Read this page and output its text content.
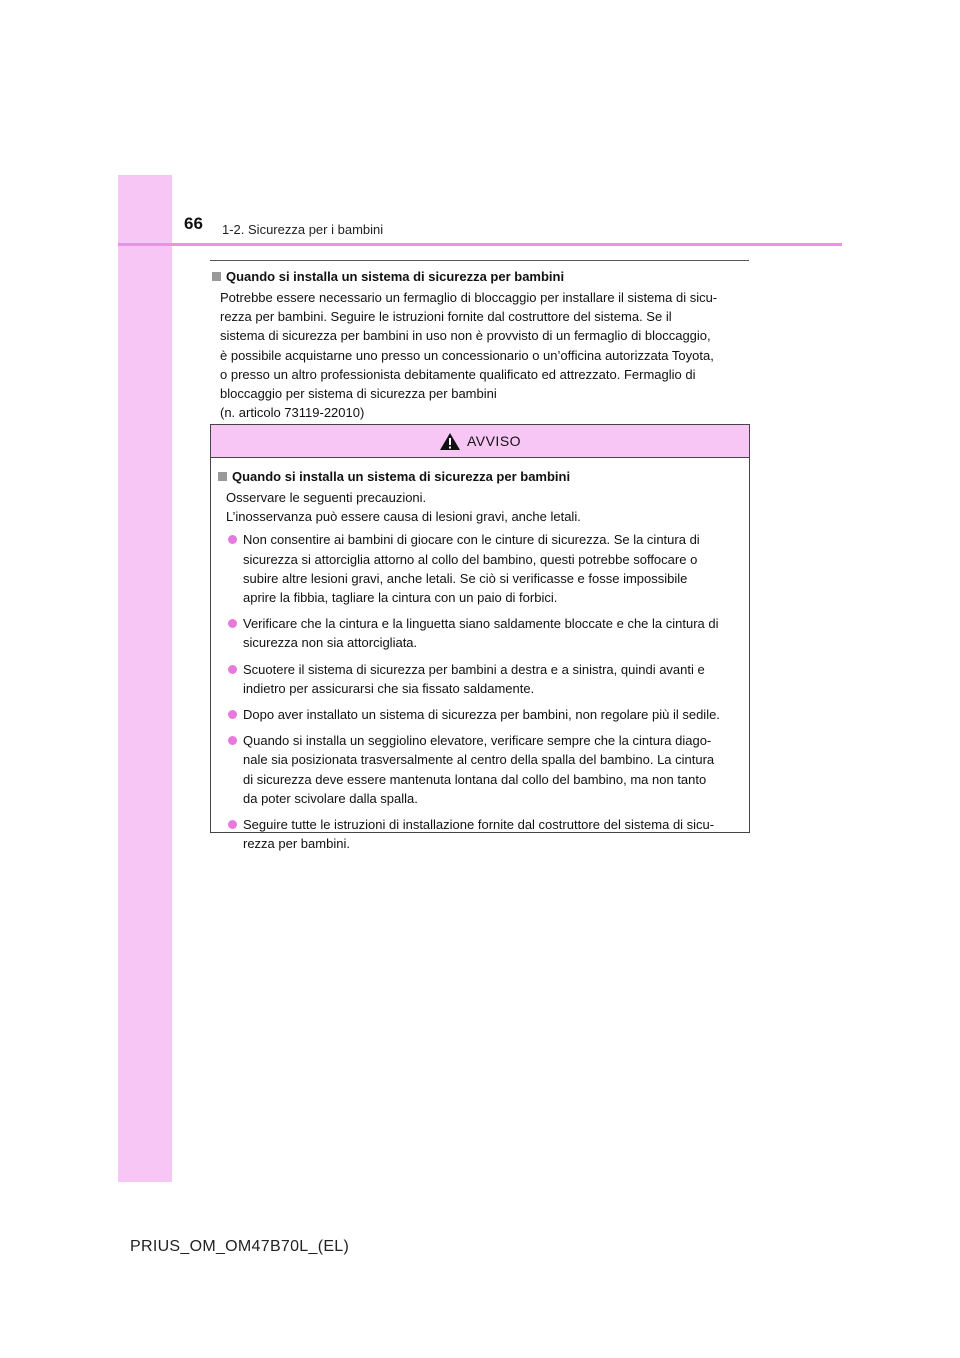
66 1-2. Sicurezza per i bambini
Quando si installa un sistema di sicurezza per bambini
Potrebbe essere necessario un fermaglio di bloccaggio per installare il sistema di sicu-
rezza per bambini. Seguire le istruzioni fornite dal costruttore del sistema. Se il
sistema di sicurezza per bambini in uso non è provvisto di un fermaglio di bloccaggio,
è possibile acquistarne uno presso un concessionario o un’officina autorizzata Toyota,
o presso un altro professionista debitamente qualificato ed attrezzato. Fermaglio di
bloccaggio per sistema di sicurezza per bambini
(n. articolo 73119-22010)
AVVISO
Quando si installa un sistema di sicurezza per bambini
Osservare le seguenti precauzioni.
L’inosservanza può essere causa di lesioni gravi, anche letali.
Non consentire ai bambini di giocare con le cinture di sicurezza. Se la cintura di
sicurezza si attorciglia attorno al collo del bambino, questi potrebbe soffocare o
subire altre lesioni gravi, anche letali. Se ciò si verificasse e fosse impossibile
aprire la fibbia, tagliare la cintura con un paio di forbici.
Verificare che la cintura e la linguetta siano saldamente bloccate e che la cintura di
sicurezza non sia attorcigliata.
Scuotere il sistema di sicurezza per bambini a destra e a sinistra, quindi avanti e
indietro per assicurarsi che sia fissato saldamente.
Dopo aver installato un sistema di sicurezza per bambini, non regolare più il sedile.
Quando si installa un seggiolino elevatore, verificare sempre che la cintura diago-
nale sia posizionata trasversalmente al centro della spalla del bambino. La cintura
di sicurezza deve essere mantenuta lontana dal collo del bambino, ma non tanto
da poter scivolare dalla spalla.
Seguire tutte le istruzioni di installazione fornite dal costruttore del sistema di sicu-
rezza per bambini.
PRIUS_OM_OM47B70L_(EL)
